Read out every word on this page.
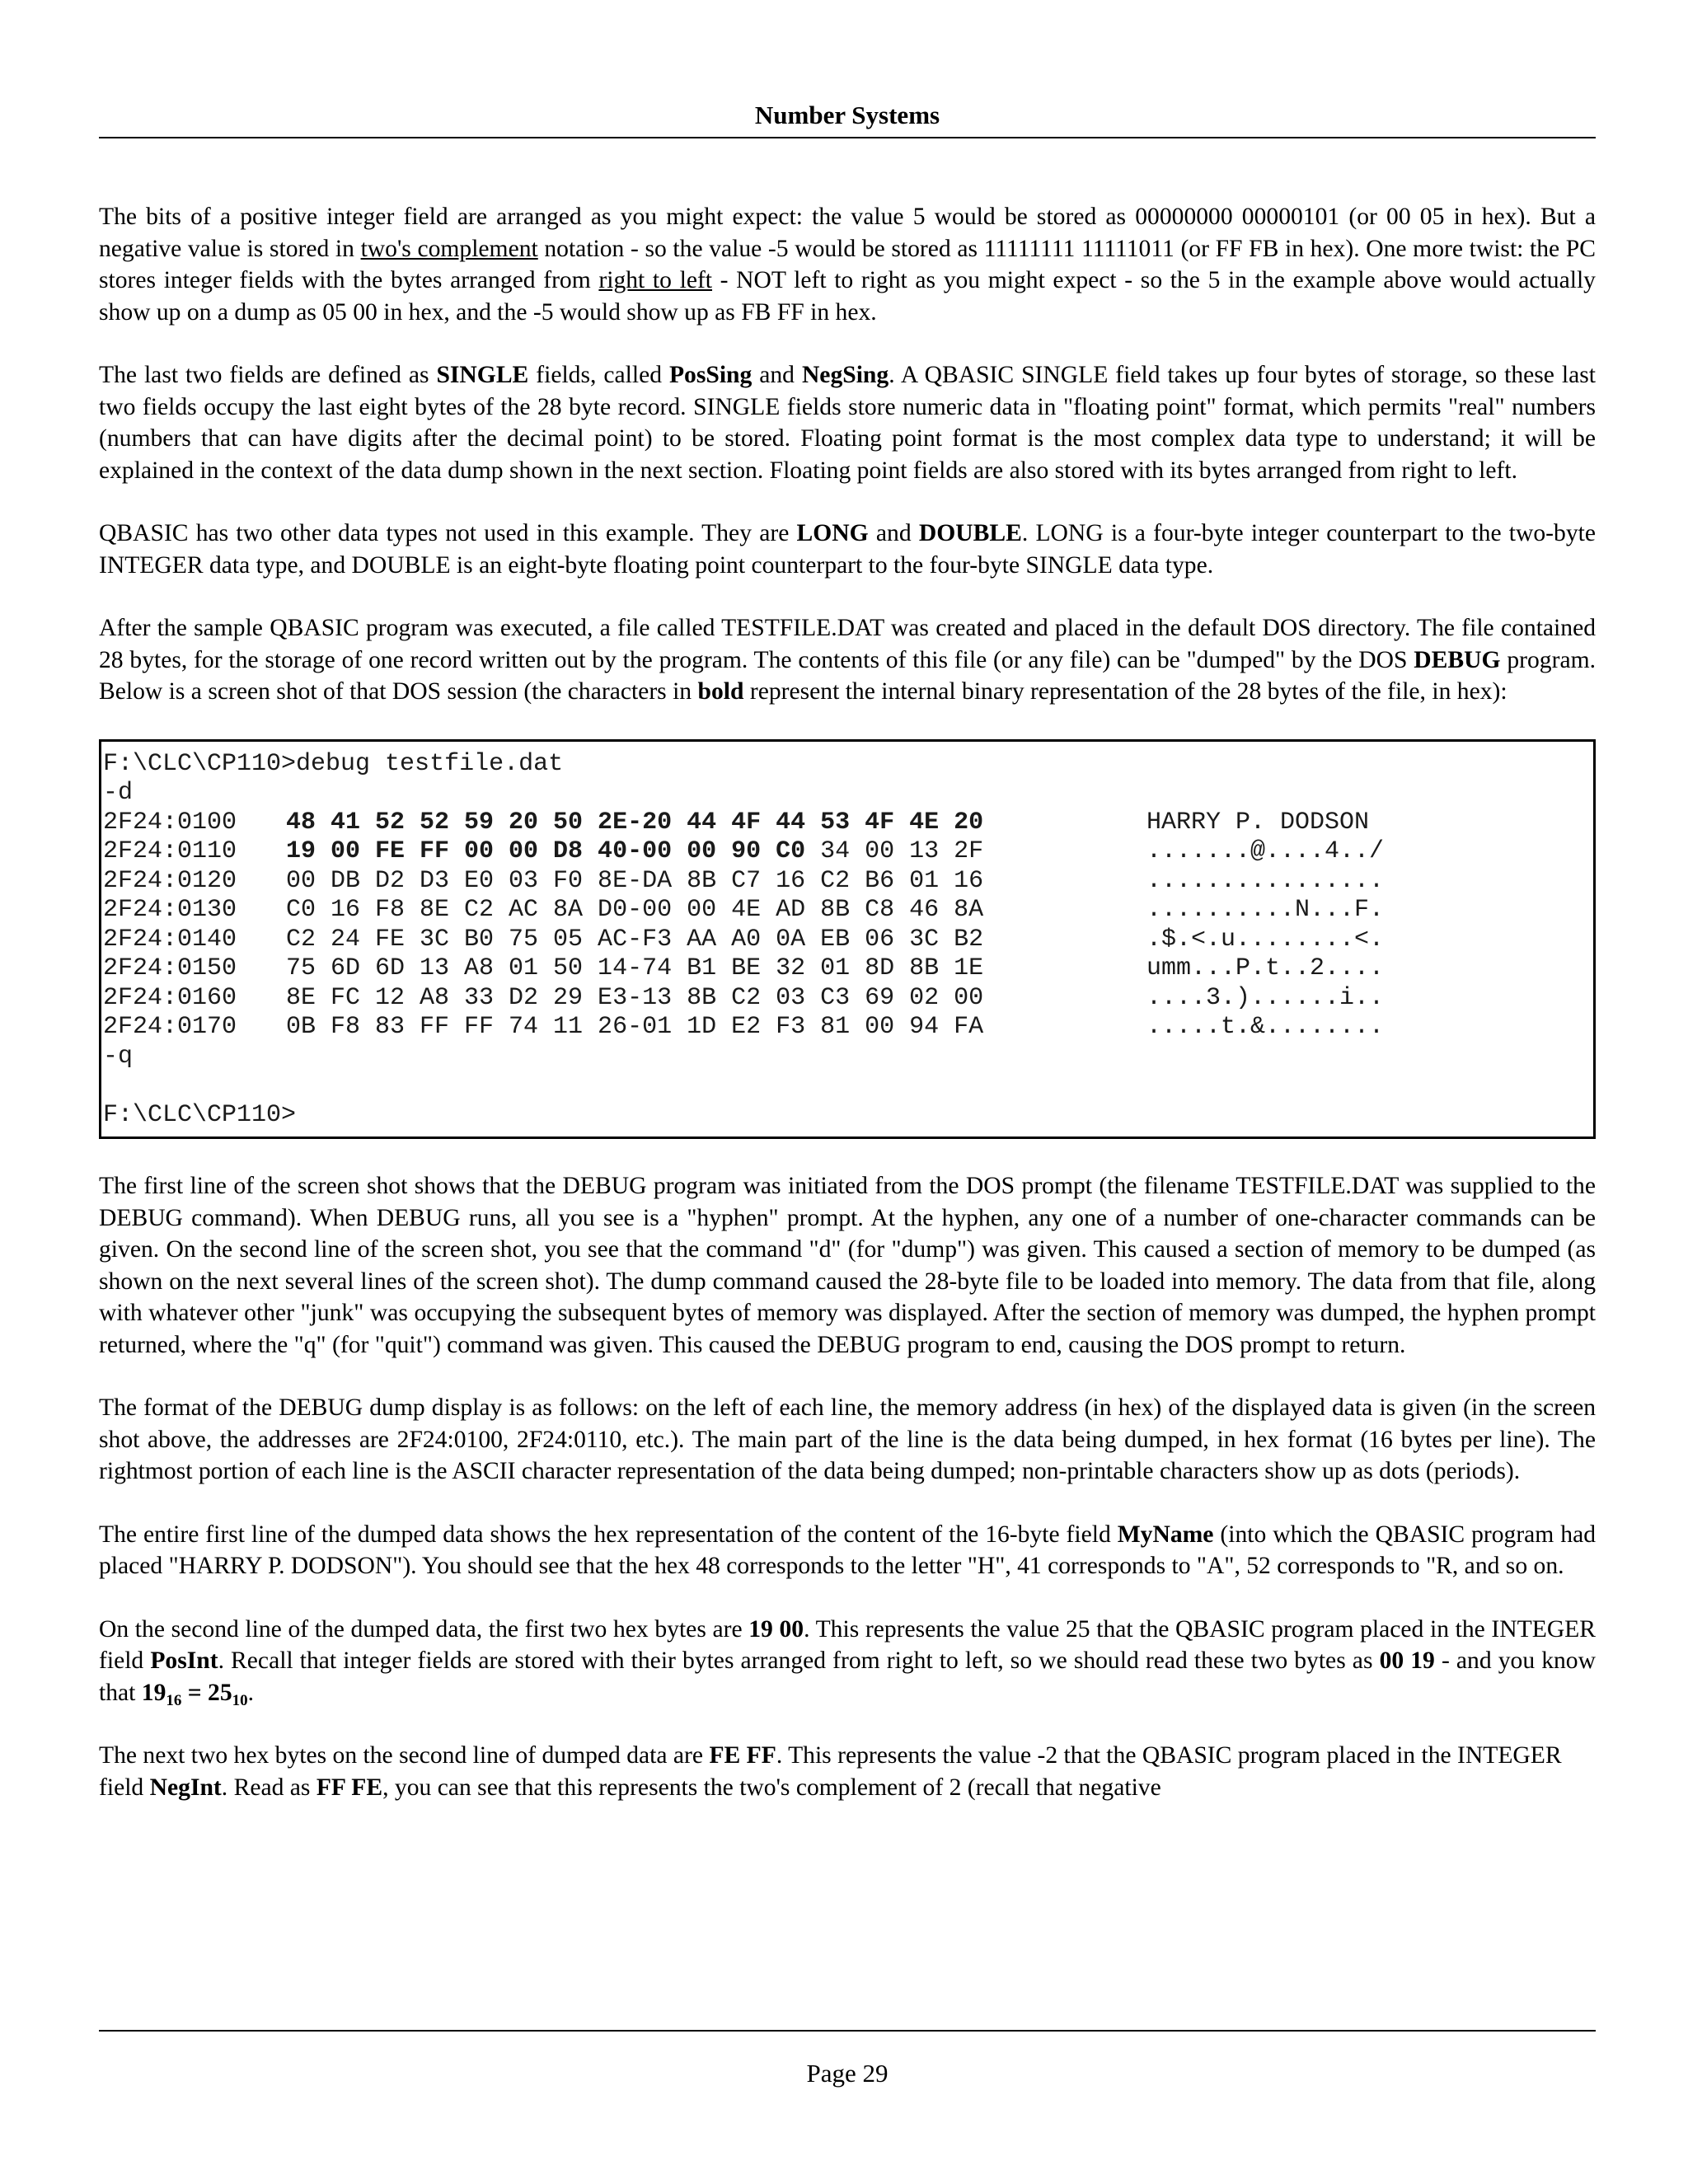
Number Systems

The bits of a positive integer field are arranged as you might expect: the value 5 would be stored as 00000000 00000101 (or 00 05 in hex). But a negative value is stored in two's complement notation - so the value -5 would be stored as 11111111 11111011 (or FF FB in hex). One more twist: the PC stores integer fields with the bytes arranged from right to left - NOT left to right as you might expect - so the 5 in the example above would actually show up on a dump as 05 00 in hex, and the -5 would show up as FB FF in hex.

The last two fields are defined as SINGLE fields, called PosSing and NegSing. A QBASIC SINGLE field takes up four bytes of storage, so these last two fields occupy the last eight bytes of the 28 byte record. SINGLE fields store numeric data in "floating point" format, which permits "real" numbers (numbers that can have digits after the decimal point) to be stored. Floating point format is the most complex data type to understand; it will be explained in the context of the data dump shown in the next section. Floating point fields are also stored with its bytes arranged from right to left.

QBASIC has two other data types not used in this example. They are LONG and DOUBLE. LONG is a four-byte integer counterpart to the two-byte INTEGER data type, and DOUBLE is an eight-byte floating point counterpart to the four-byte SINGLE data type.

After the sample QBASIC program was executed, a file called TESTFILE.DAT was created and placed in the default DOS directory. The file contained 28 bytes, for the storage of one record written out by the program. The contents of this file (or any file) can be "dumped" by the DOS DEBUG program. Below is a screen shot of that DOS session (the characters in bold represent the internal binary representation of the 28 bytes of the file, in hex):

F:\CLC\CP110>debug testfile.dat
-d
2F24:0100 48 41 52 52 59 20 50 2E-20 44 4F 44 53 4F 4E 20	HARRY P. DODSON
2F24:0110 19 00 FE FF 00 00 D8 40-00 00 90 C0 34 00 13 2F	.......@....4../
2F24:0120 00 DB D2 D3 E0 03 F0 8E-DA 8B C7 16 C2 B6 01 16	................
2F24:0130 C0 16 F8 8E C2 AC 8A D0-00 00 4E AD 8B C8 46 8A	..........N...F.
2F24:0140 C2 24 FE 3C B0 75 05 AC-F3 AA A0 0A EB 06 3C B2	.$.<.u........<.
2F24:0150 75 6D 6D 13 A8 01 50 14-74 B1 BE 32 01 8D 8B 1E	umm...P.t..2....
2F24:0160 8E FC 12 A8 33 D2 29 E3-13 8B C2 03 C3 69 02 00	....3.)......i..
2F24:0170 0B F8 83 FF FF 74 11 26-01 1D E2 F3 81 00 94 FA	.....t.&........
-q
F:\CLC\CP110>

The first line of the screen shot shows that the DEBUG program was initiated from the DOS prompt (the filename TESTFILE.DAT was supplied to the DEBUG command). When DEBUG runs, all you see is a "hyphen" prompt. At the hyphen, any one of a number of one-character commands can be given. On the second line of the screen shot, you see that the command "d" (for "dump") was given. This caused a section of memory to be dumped (as shown on the next several lines of the screen shot). The dump command caused the 28-byte file to be loaded into memory. The data from that file, along with whatever other "junk" was occupying the subsequent bytes of memory was displayed. After the section of memory was dumped, the hyphen prompt returned, where the "q" (for "quit") command was given. This caused the DEBUG program to end, causing the DOS prompt to return.

The format of the DEBUG dump display is as follows: on the left of each line, the memory address (in hex) of the displayed data is given (in the screen shot above, the addresses are 2F24:0100, 2F24:0110, etc.). The main part of the line is the data being dumped, in hex format (16 bytes per line). The rightmost portion of each line is the ASCII character representation of the data being dumped; non-printable characters show up as dots (periods).

The entire first line of the dumped data shows the hex representation of the content of the 16-byte field MyName (into which the QBASIC program had placed "HARRY P. DODSON"). You should see that the hex 48 corresponds to the letter "H", 41 corresponds to "A", 52 corresponds to "R, and so on.

On the second line of the dumped data, the first two hex bytes are 19 00. This represents the value 25 that the QBASIC program placed in the INTEGER field PosInt. Recall that integer fields are stored with their bytes arranged from right to left, so we should read these two bytes as 00 19 - and you know that $19_{16} = 25_{10}$.

The next two hex bytes on the second line of dumped data are FE FF. This represents the value -2 that the QBASIC program placed in the INTEGER field NegInt. Read as FF FE, you can see that this represents the two's complement of 2 (recall that negative

Page 29
